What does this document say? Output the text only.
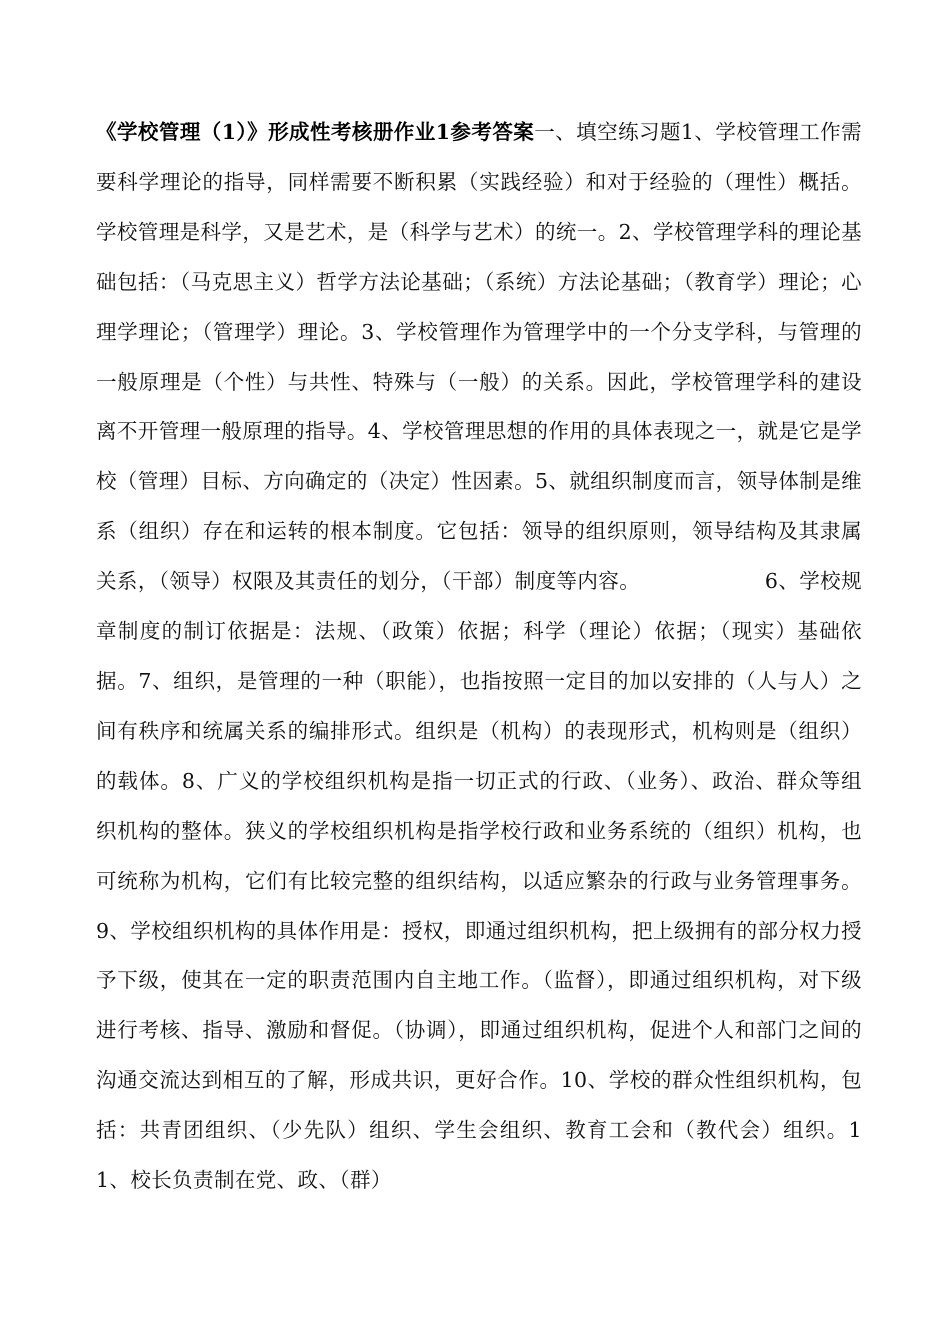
《学校管理（1）》形成性考核册作业1参考答案一、填空练习题1、学校管理工作需要科学理论的指导，同样需要不断积累（实践经验）和对于经验的（理性）概括。学校管理是科学，又是艺术，是（科学与艺术）的统一。2、学校管理学科的理论基础包括：（马克思主义）哲学方法论基础；（系统）方法论基础；（教育学）理论；心理学理论；（管理学）理论。3、学校管理作为管理学中的一个分支学科，与管理的一般原理是（个性）与共性、特殊与（一般）的关系。因此，学校管理学科的建设离不开管理一般原理的指导。4、学校管理思想的作用的具体表现之一，就是它是学校（管理）目标、方向确定的（决定）性因素。5、就组织制度而言，领导体制是维系（组织）存在和运转的根本制度。它包括：领导的组织原则，领导结构及其隶属关系，（领导）权限及其责任的划分，（干部）制度等内容。                  6、学校规章制度的制订依据是：法规、（政策）依据；科学（理论）依据；（现实）基础依据。7、组织，是管理的一种（职能），也指按照一定目的加以安排的（人与人）之间有秩序和统属关系的编排形式。组织是（机构）的表现形式，机构则是（组织）的载体。8、广义的学校组织机构是指一切正式的行政、（业务）、政治、群众等组织机构的整体。狭义的学校组织机构是指学校行政和业务系统的（组织）机构，也可统称为机构，它们有比较完整的组织结构，以适应繁杂的行政与业务管理事务。9、学校组织机构的具体作用是：授权，即通过组织机构，把上级拥有的部分权力授予下级，使其在一定的职责范围内自主地工作。（监督），即通过组织机构，对下级进行考核、指导、激励和督促。（协调），即通过组织机构，促进个人和部门之间的沟通交流达到相互的了解，形成共识，更好合作。10、学校的群众性组织机构，包括：共青团组织、（少先队）组织、学生会组织、教育工会和（教代会）组织。11、校长负责制在党、政、（群）
